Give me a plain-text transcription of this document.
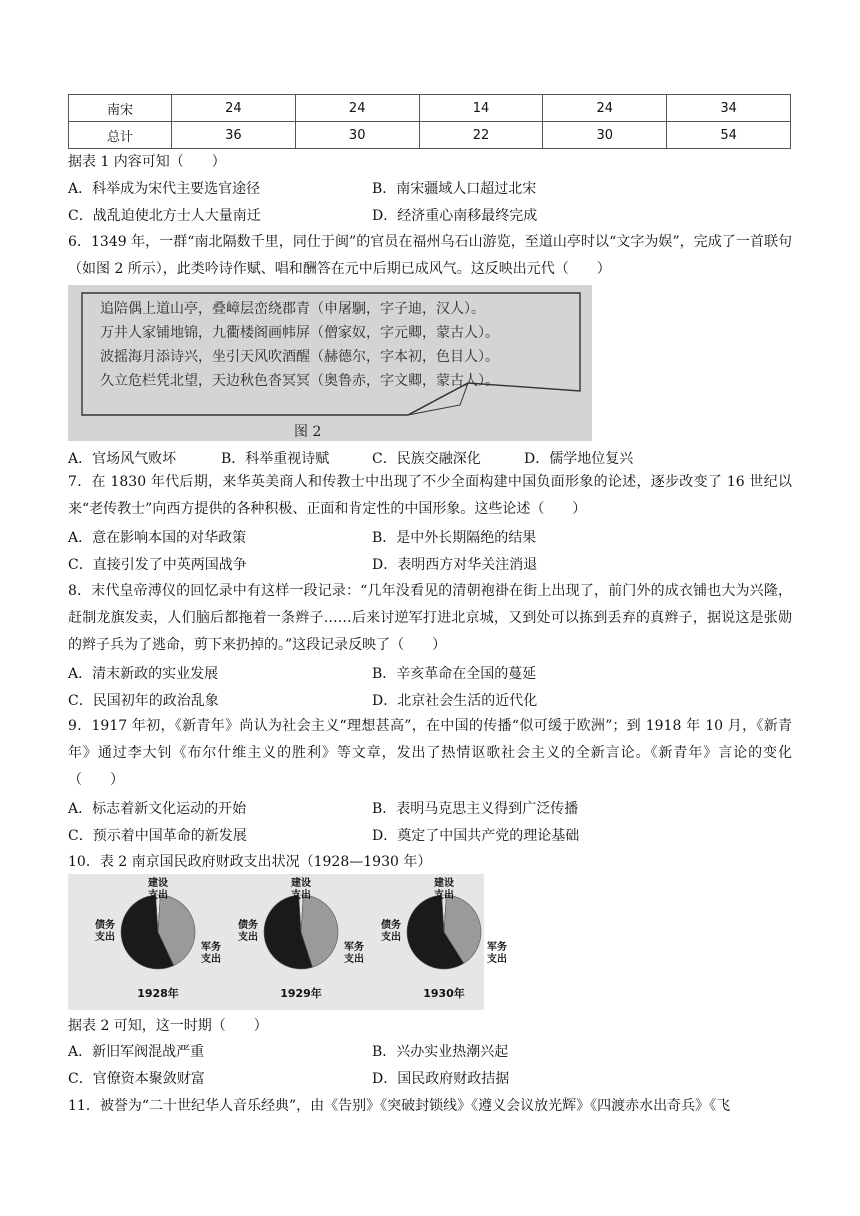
南宋	24	24	14	24	34
总计	36	30	22	30	54
据表 1 内容可知（　　）
A．科举成为宋代主要选官途径	B．南宋疆域人口超过北宋
C．战乱迫使北方士人大量南迁	D．经济重心南移最终完成
6．1349 年，一群“南北隔数千里，同仕于闽”的官员在福州乌石山游览，至道山亭时以“文字为娱”，完成了一首联句（如图 2 所示），此类吟诗作赋、唱和酬答在元中后期已成风气。这反映出元代（　　）
追陪偶上道山亭，叠嶂层峦绕郡青（申屠駉，字子迪，汉人）。
万井人家铺地锦，九衢楼阁画帏屏（僧家奴，字元卿，蒙古人）。
波摇海月添诗兴，坐引天风吹酒醒（赫德尔，字本初，色目人）。
久立危栏凭北望，天边秋色沓冥冥（奥鲁赤，字文卿，蒙古人）。
图 2
A．官场风气败坏	B．科举重视诗赋	C．民族交融深化	D．儒学地位复兴
7．在 1830 年代后期，来华英美商人和传教士中出现了不少全面构建中国负面形象的论述，逐步改变了 16 世纪以来“老传教士”向西方提供的各种积极、正面和肯定性的中国形象。这些论述（　　）
A．意在影响本国的对华政策	B．是中外长期隔绝的结果
C．直接引发了中英两国战争	D．表明西方对华关注消退
8．末代皇帝溥仪的回忆录中有这样一段记录：“几年没看见的清朝袍褂在街上出现了，前门外的成衣铺也大为兴隆，赶制龙旗发卖，人们脑后都拖着一条辫子……后来讨逆军打进北京城，又到处可以拣到丢弃的真辫子，据说这是张勋的辫子兵为了逃命，剪下来扔掉的。”这段记录反映了（　　）
A．清末新政的实业发展	B．辛亥革命在全国的蔓延
C．民国初年的政治乱象	D．北京社会生活的近代化
9．1917 年初，《新青年》尚认为社会主义“理想甚高”，在中国的传播“似可缓于欧洲”；到 1918 年 10 月，《新青年》通过李大钊《布尔什维主义的胜利》等文章，发出了热情讴歌社会主义的全新言论。《新青年》言论的变化（　　）
A．标志着新文化运动的开始	B．表明马克思主义得到广泛传播
C．预示着中国革命的新发展	D．奠定了中国共产党的理论基础
10．表 2 南京国民政府财政支出状况（1928—1930 年）
建设支出
债务支出
军务支出
1928年
建设支出
债务支出
军务支出
1929年
建设支出
债务支出
军务支出
1930年
据表 2 可知，这一时期（　　）
A．新旧军阀混战严重	B．兴办实业热潮兴起
C．官僚资本聚敛财富	D．国民政府财政拮据
11．被誉为“二十世纪华人音乐经典”，由《告别》《突破封锁线》《遵义会议放光辉》《四渡赤水出奇兵》《飞
